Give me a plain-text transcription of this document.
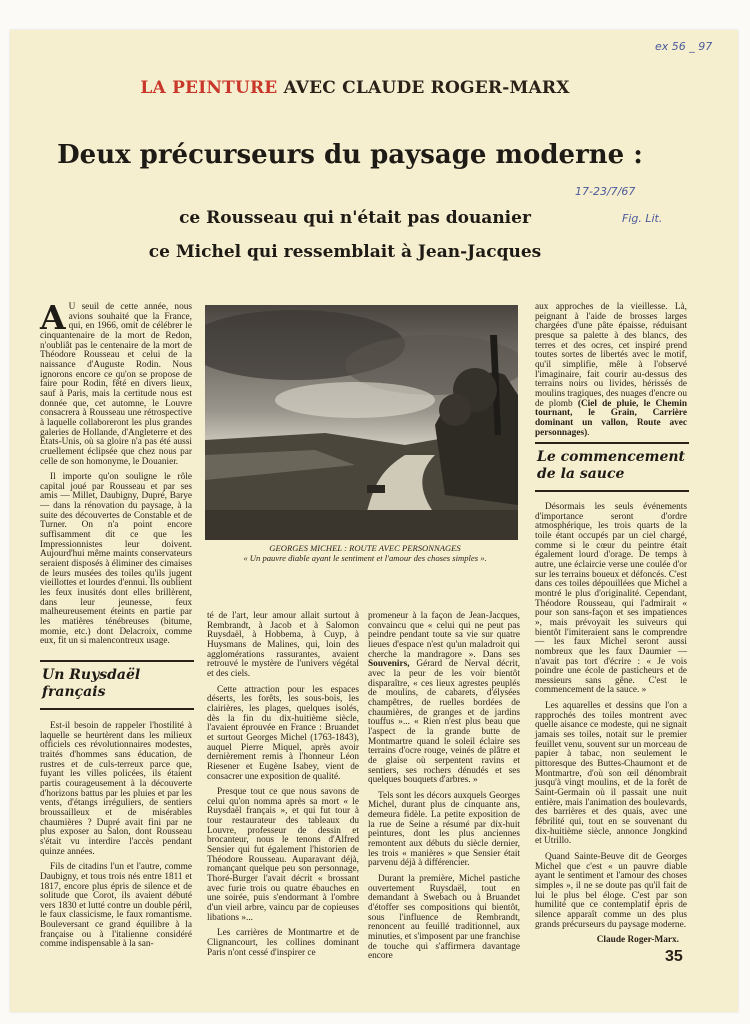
ex 56 _ 97
17-23/7/67
Fig. Lit.
LA PEINTURE AVEC CLAUDE ROGER-MARX
Deux précurseurs du paysage moderne :
ce Rousseau qui n'était pas douanier
ce Michel qui ressemblait à Jean-Jacques
GEORGES MICHEL : ROUTE AVEC PERSONNAGES
« Un pauvre diable ayant le sentiment et l'amour des choses simples ».

A U seuil de cette année, nous avions souhaité que la France, qui, en 1966, omit de célébrer le cinquantenaire de la mort de Redon, n'oubliât pas le centenaire de la mort de Théodore Rousseau et celui de la naissance d'Auguste Rodin. Nous ignorons encore ce qu'on se propose de faire pour Rodin, fêté en divers lieux, sauf à Paris, mais la certitude nous est donnée que, cet automne, le Louvre consacrera à Rousseau une rétrospective à laquelle collaboreront les plus grandes galeries de Hollande, d'Angleterre et des Etats-Unis, où sa gloire n'a pas été aussi cruellement éclipsée que chez nous par celle de son homonyme, le Douanier.

Il importe qu'on souligne le rôle capital joué par Rousseau et par ses amis — Millet, Daubigny, Dupré, Barye — dans la rénovation du paysage, à la suite des découvertes de Constable et de Turner. On n'a point encore suffisamment dit ce que les Impressionnistes leur doivent. Aujourd'hui même maints conservateurs seraient disposés à éliminer des cimaises de leurs musées des toiles qu'ils jugent vieillottes et lourdes d'ennui. Ils oublient les feux inusités dont elles brillèrent, dans leur jeunesse, feux malheureusement éteints en partie par les matières ténébreuses (bitume, momie, etc.) dont Delacroix, comme eux, fit un si malencontreux usage.

Un Ruysdaël français

Est-il besoin de rappeler l'hostilité à laquelle se heurtèrent dans les milieux officiels ces révolutionnaires modestes, traités d'hommes sans éducation, de rustres et de culs-terreux parce que, fuyant les villes policées, ils étaient partis courageusement à la découverte d'horizons battus par les pluies et par les vents, d'étangs irréguliers, de sentiers broussailleux et de misérables chaumières ? Dupré avait fini par ne plus exposer au Salon, dont Rousseau s'était vu interdire l'accès pendant quinze années.

Fils de citadins l'un et l'autre, comme Daubigny, et tous trois nés entre 1811 et 1817, encore plus épris de silence et de solitude que Corot, ils avaient débuté vers 1830 et lutté contre un double péril, le faux classicisme, le faux romantisme. Bouleversant ce grand équilibre à la française ou à l'italienne considéré comme indispensable à la san-

té de l'art, leur amour allait surtout à Rembrandt, à Jacob et à Salomon Ruysdaël, à Hobbema, à Cuyp, à Huysmans de Malines, qui, loin des agglomérations rassurantes, avaient retrouvé le mystère de l'univers végétal et des ciels.

Cette attraction pour les espaces déserts, les forêts, les sous-bois, les clairières, les plages, quelques isolés, dès la fin du dix-huitième siècle, l'avaient éprouvée en France : Bruandet et surtout Georges Michel (1763-1843), auquel Pierre Miquel, après avoir dernièrement remis à l'honneur Léon Riesener et Eugène Isabey, vient de consacrer une exposition de qualité.

Presque tout ce que nous savons de celui qu'on nomma après sa mort « le Ruysdaël français », et qui fut tour à tour restaurateur des tableaux du Louvre, professeur de dessin et brocanteur, nous le tenons d'Alfred Sensier qui fut également l'historien de Théodore Rousseau. Auparavant déjà, romançant quelque peu son personnage, Thoré-Burger l'avait décrit « brossant avec furie trois ou quatre ébauches en une soirée, puis s'endormant à l'ombre d'un vieil arbre, vaincu par de copieuses libations »...

Les carrières de Montmartre et de Clignancourt, les collines dominant Paris n'ont cessé d'inspirer ce

promeneur à la façon de Jean-Jacques, convaincu que « celui qui ne peut pas peindre pendant toute sa vie sur quatre lieues d'espace n'est qu'un maladroit qui cherche la mandragore ». Dans ses Souvenirs, Gérard de Nerval décrit, avec la peur de les voir bientôt disparaître, « ces lieux agrestes peuplés de moulins, de cabarets, d'élysées champêtres, de ruelles bordées de chaumières, de granges et de jardins touffus »... « Rien n'est plus beau que l'aspect de la grande butte de Montmartre quand le soleil éclaire ses terrains d'ocre rouge, veinés de plâtre et de glaise où serpentent ravins et sentiers, ses rochers dénudés et ses quelques bouquets d'arbres. »

Tels sont les décors auxquels Georges Michel, durant plus de cinquante ans, demeura fidèle. La petite exposition de la rue de Seine a résumé par dix-huit peintures, dont les plus anciennes remontent aux débuts du siècle dernier, les trois « manières » que Sensier était parvenu déjà à différencier.

Durant la première, Michel pastiche ouvertement Ruysdaël, tout en demandant à Swebach ou à Bruandet d'étoffer ses compositions qui bientôt, sous l'influence de Rembrandt, renoncent au feuillé traditionnel, aux minuties, et s'imposent par une franchise de touche qui s'affirmera davantage encore

aux approches de la vieillesse. Là, peignant à l'aide de brosses larges chargées d'une pâte épaisse, réduisant presque sa palette à des blancs, des terres et des ocres, cet inspiré prend toutes sortes de libertés avec le motif, qu'il simplifie, mêle à l'observé l'imaginaire, fait courir au-dessus des terrains noirs ou livides, hérissés de moulins tragiques, des nuages d'encre ou de plomb (Ciel de pluie, le Chemin tournant, le Grain, Carrière dominant un vallon, Route avec personnages).

Le commencement de la sauce

Désormais les seuls événements d'importance seront d'ordre atmosphérique, les trois quarts de la toile étant occupés par un ciel chargé, comme si le cœur du peintre était également lourd d'orage. De temps à autre, une éclaircie verse une coulée d'or sur les terrains boueux et défoncés. C'est dans ces toiles dépouillées que Michel a montré le plus d'originalité. Cependant, Théodore Rousseau, qui l'admirait « pour son sans-façon et ses impatiences », mais prévoyait les suiveurs qui bientôt l'imiteraient sans le comprendre — les faux Michel seront aussi nombreux que les faux Daumier — n'avait pas tort d'écrire : « Je vois poindre une école de pasticheurs et de messieurs sans gêne. C'est le commencement de la sauce. »

Les aquarelles et dessins que l'on a rapprochés des toiles montrent avec quelle aisance ce modeste, qui ne signait jamais ses toiles, notait sur le premier feuillet venu, souvent sur un morceau de papier à tabac, non seulement le pittoresque des Buttes-Chaumont et de Montmartre, d'où son œil dénombrait jusqu'à vingt moulins, et de la forêt de Saint-Germain où il passait une nuit entière, mais l'animation des boulevards, des barrières et des quais, avec une fébrilité qui, tout en se souvenant du dix-huitième siècle, annonce Jongkind et Utrillo.

Quand Sainte-Beuve dit de Georges Michel que c'est « un pauvre diable ayant le sentiment et l'amour des choses simples », il ne se doute pas qu'il fait de lui le plus bel éloge. C'est par son humilité que ce contemplatif épris de silence apparaît comme un des plus grands précurseurs du paysage moderne.

Claude Roger-Marx.

35
